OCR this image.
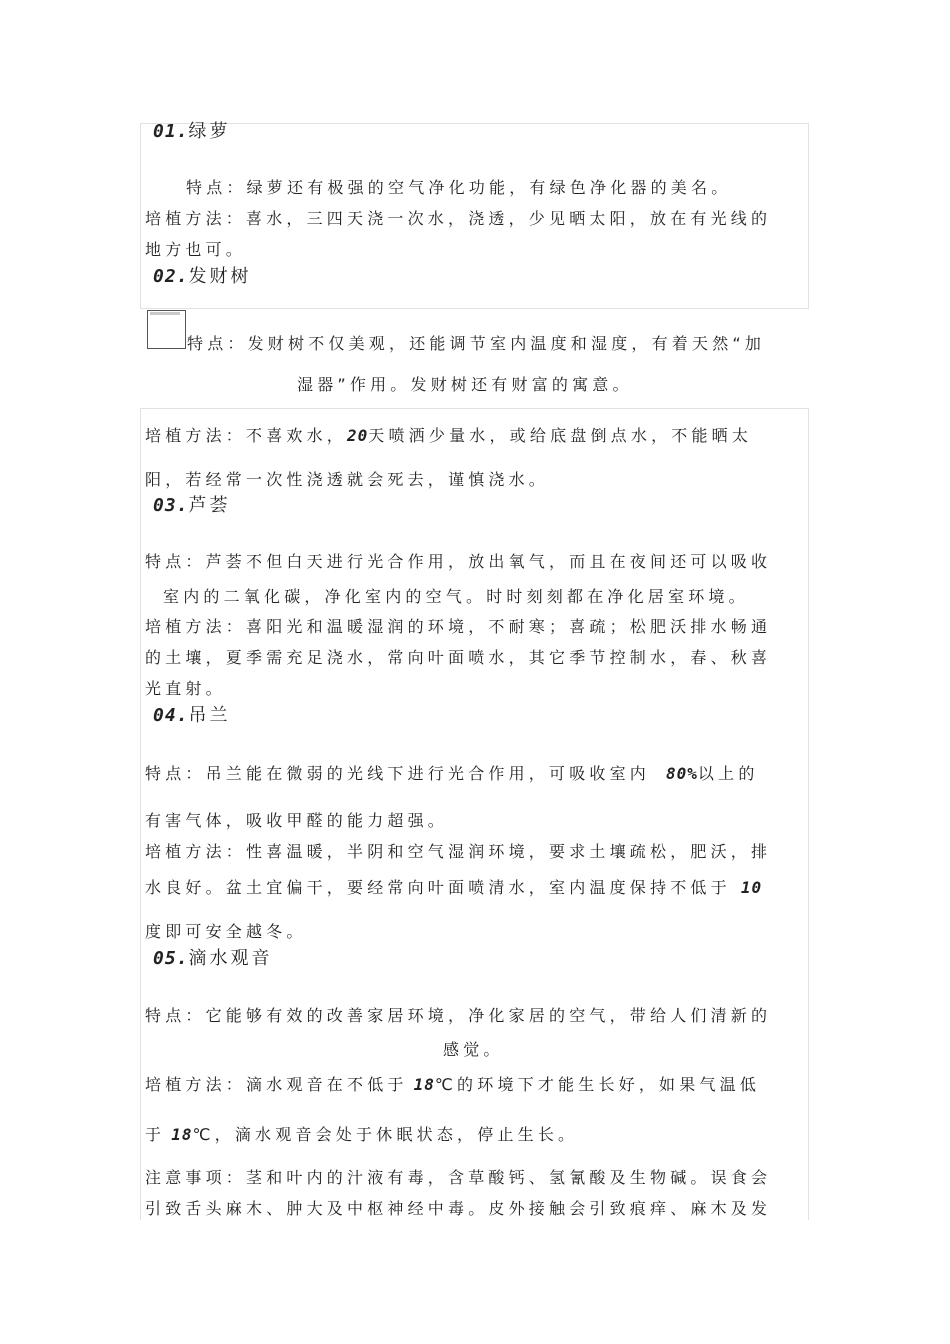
01.绿萝
特点：绿萝还有极强的空气净化功能，有绿色净化器的美名。
培植方法：喜水，三四天浇一次水，浇透，少见晒太阳，放在有光线的
地方也可。
02.发财树
特点：发财树不仅美观，还能调节室内温度和湿度，有着天然“加
湿器”作用。发财树还有财富的寓意。
培植方法：不喜欢水，20天喷洒少量水，或给底盘倒点水，不能晒太
阳，若经常一次性浇透就会死去，谨慎浇水。
03.芦荟
特点：芦荟不但白天进行光合作用，放出氧气，而且在夜间还可以吸收
室内的二氧化碳，净化室内的空气。时时刻刻都在净化居室环境。
培植方法：喜阳光和温暖湿润的环境，不耐寒；喜疏；松肥沃排水畅通
的土壤，夏季需充足浇水，常向叶面喷水，其它季节控制水，春、秋喜
光直射。
04.吊兰
特点：吊兰能在微弱的光线下进行光合作用，可吸收室内 80%以上的
有害气体，吸收甲醛的能力超强。
培植方法：性喜温暖，半阴和空气湿润环境，要求土壤疏松，肥沃，排
水良好。盆土宜偏干，要经常向叶面喷清水，室内温度保持不低于 10
度即可安全越冬。
05.滴水观音
特点：它能够有效的改善家居环境，净化家居的空气，带给人们清新的
感觉。
培植方法：滴水观音在不低于 18℃的环境下才能生长好，如果气温低
于 18℃，滴水观音会处于休眠状态，停止生长。
注意事项：茎和叶内的汁液有毒，含草酸钙、氢氰酸及生物碱。误食会
引致舌头麻木、肿大及中枢神经中毒。皮外接触会引致痕痒、麻木及发
